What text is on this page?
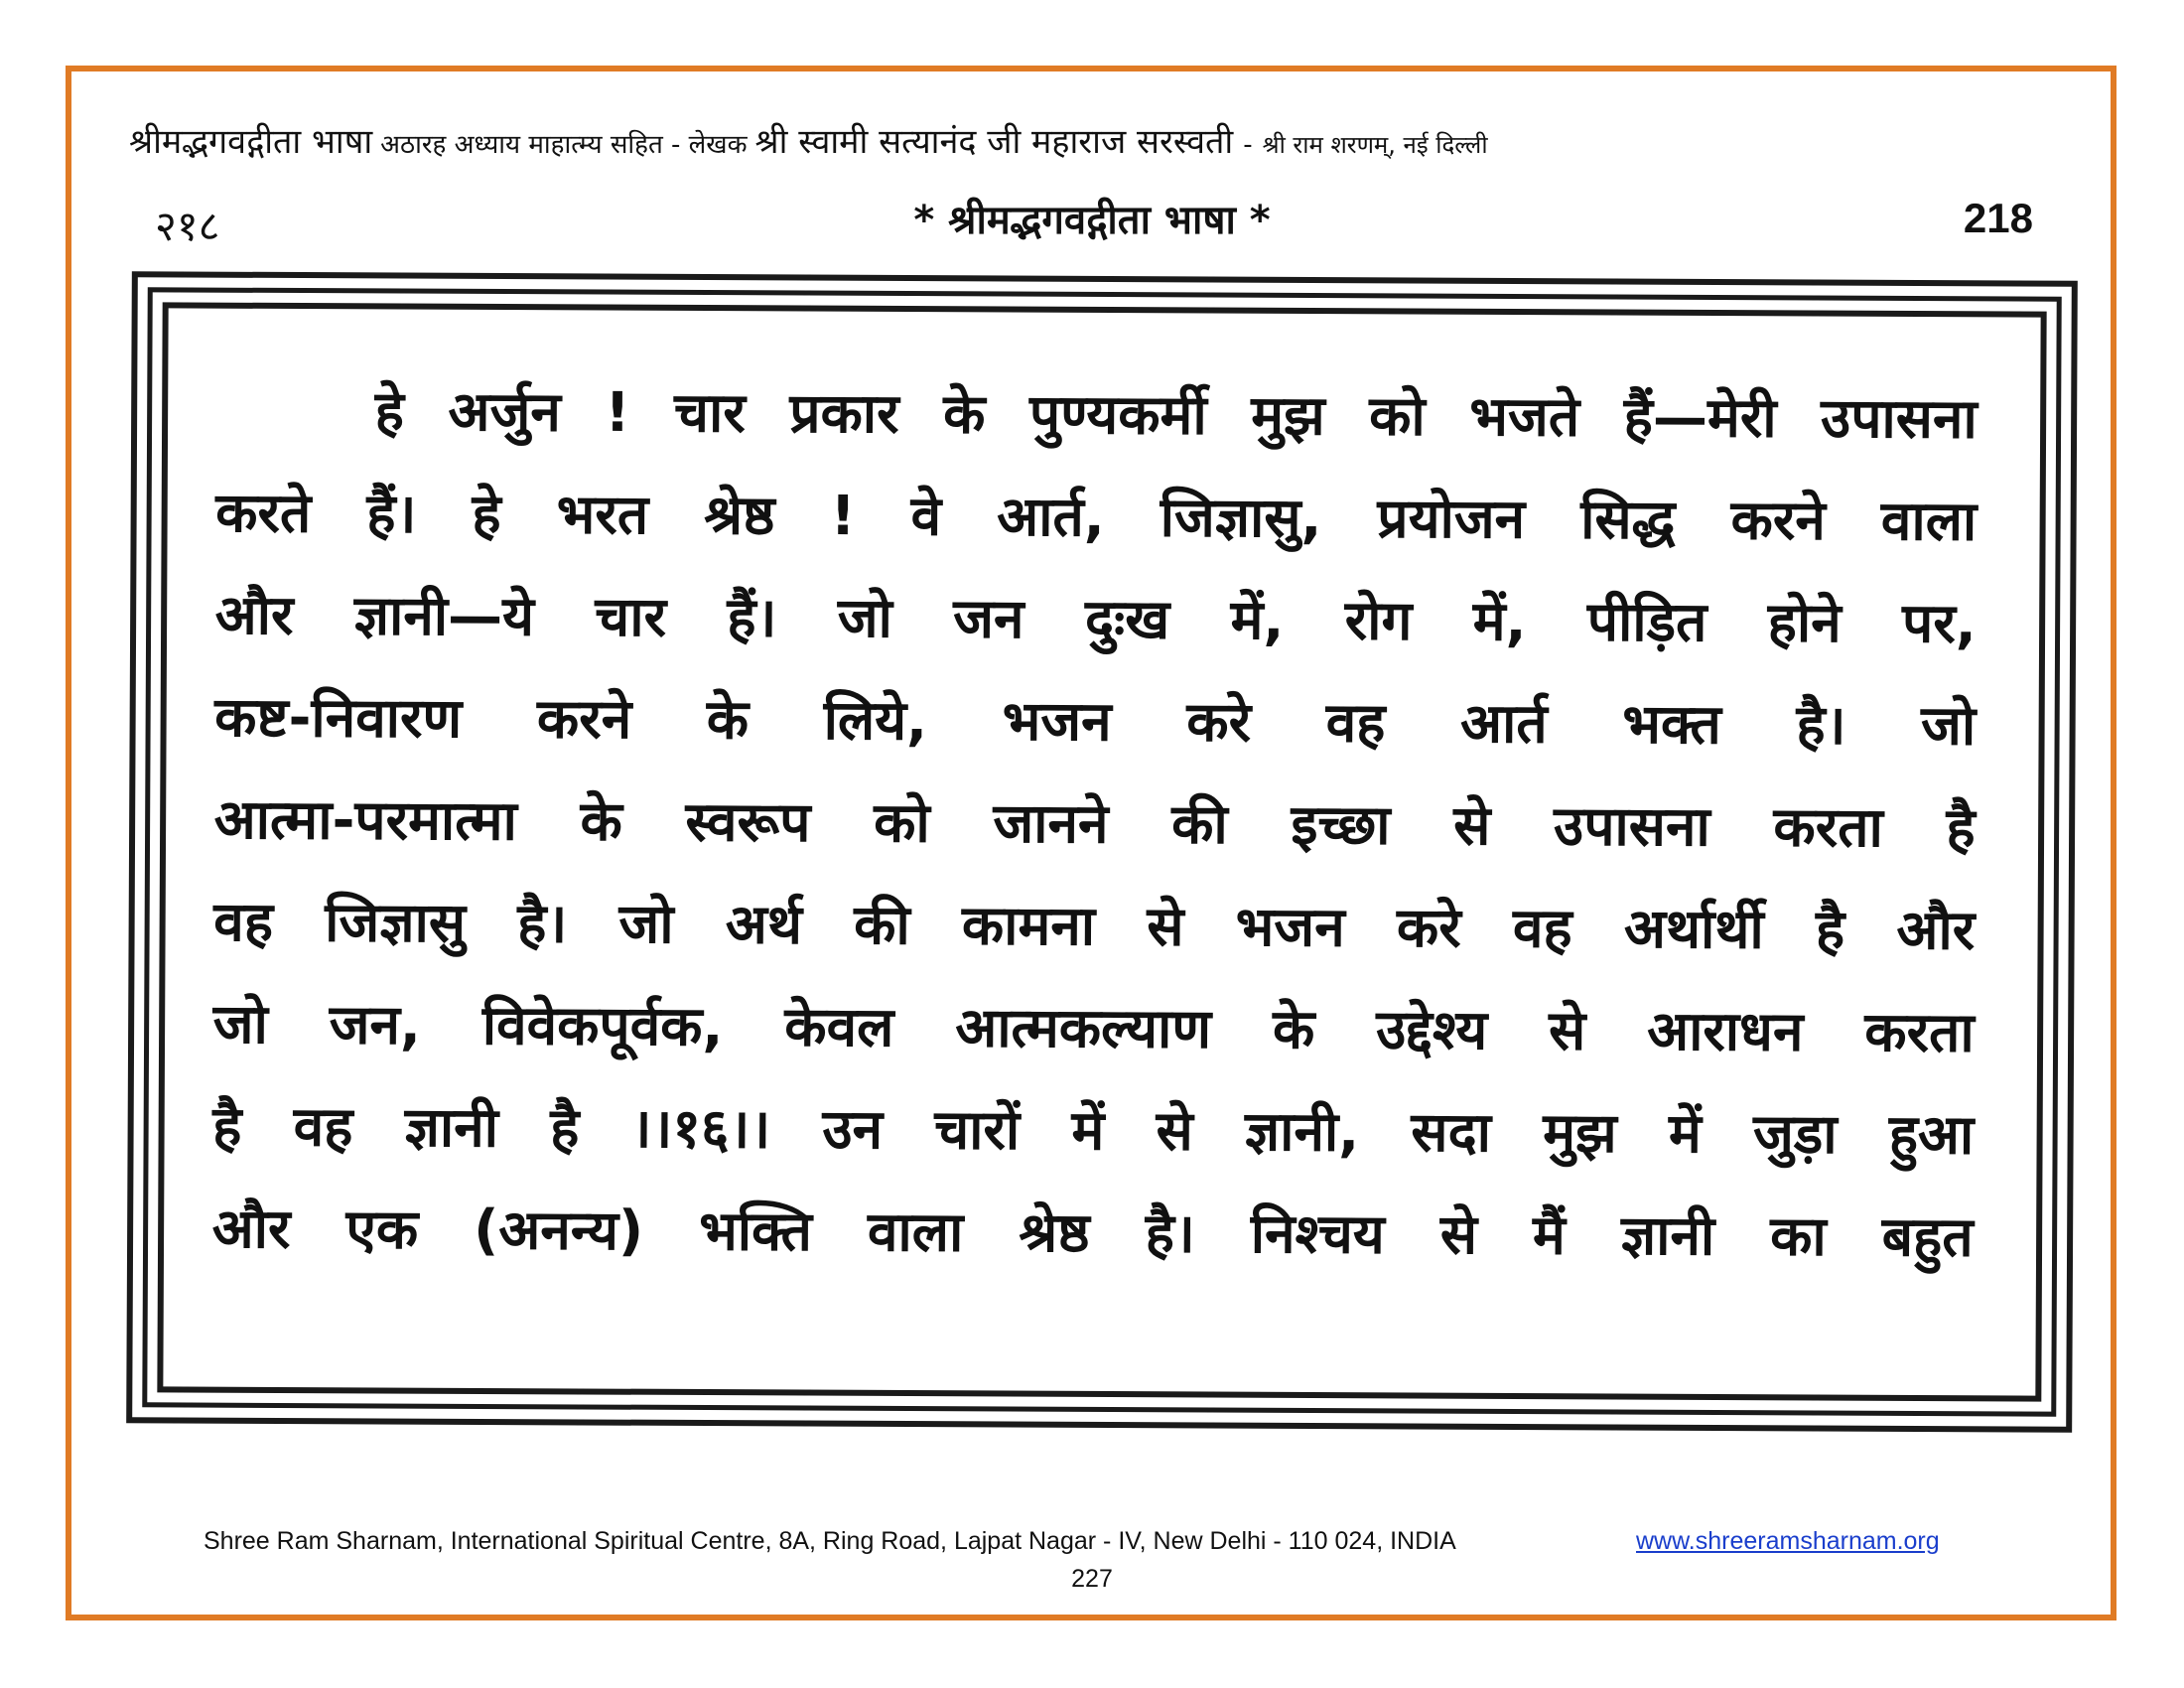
श्रीमद्भगवद्गीता भाषा अठारह अध्याय माहात्म्य सहित - लेखक श्री स्वामी सत्यानंद जी महाराज सरस्वती - श्री राम शरणम्, नई दिल्ली
२१८	* श्रीमद्भगवद्गीता भाषा *	218
हे अर्जुन ! चार प्रकार के पुण्यकर्मी मुझ को भजते हैं—मेरी उपासना
करते हैं। हे भरत श्रेष्ठ ! वे आर्त, जिज्ञासु, प्रयोजन सिद्ध करने वाला
और ज्ञानी—ये चार हैं। जो जन दुःख में, रोग में, पीड़ित होने पर,
कष्ट-निवारण करने के लिये, भजन करे वह आर्त भक्त है। जो
आत्मा-परमात्मा के स्वरूप को जानने की इच्छा से उपासना करता है
वह जिज्ञासु है। जो अर्थ की कामना से भजन करे वह अर्थार्थी है और
जो जन, विवेकपूर्वक, केवल आत्मकल्याण के उद्देश्य से आराधन करता
है वह ज्ञानी है ।।१६।। उन चारों में से ज्ञानी, सदा मुझ में जुड़ा हुआ
और एक (अनन्य) भक्ति वाला श्रेष्ठ है। निश्चय से मैं ज्ञानी का बहुत
Shree Ram Sharnam, International Spiritual Centre, 8A, Ring Road, Lajpat Nagar - IV, New Delhi - 110 024, INDIA	www.shreeramsharnam.org
227
